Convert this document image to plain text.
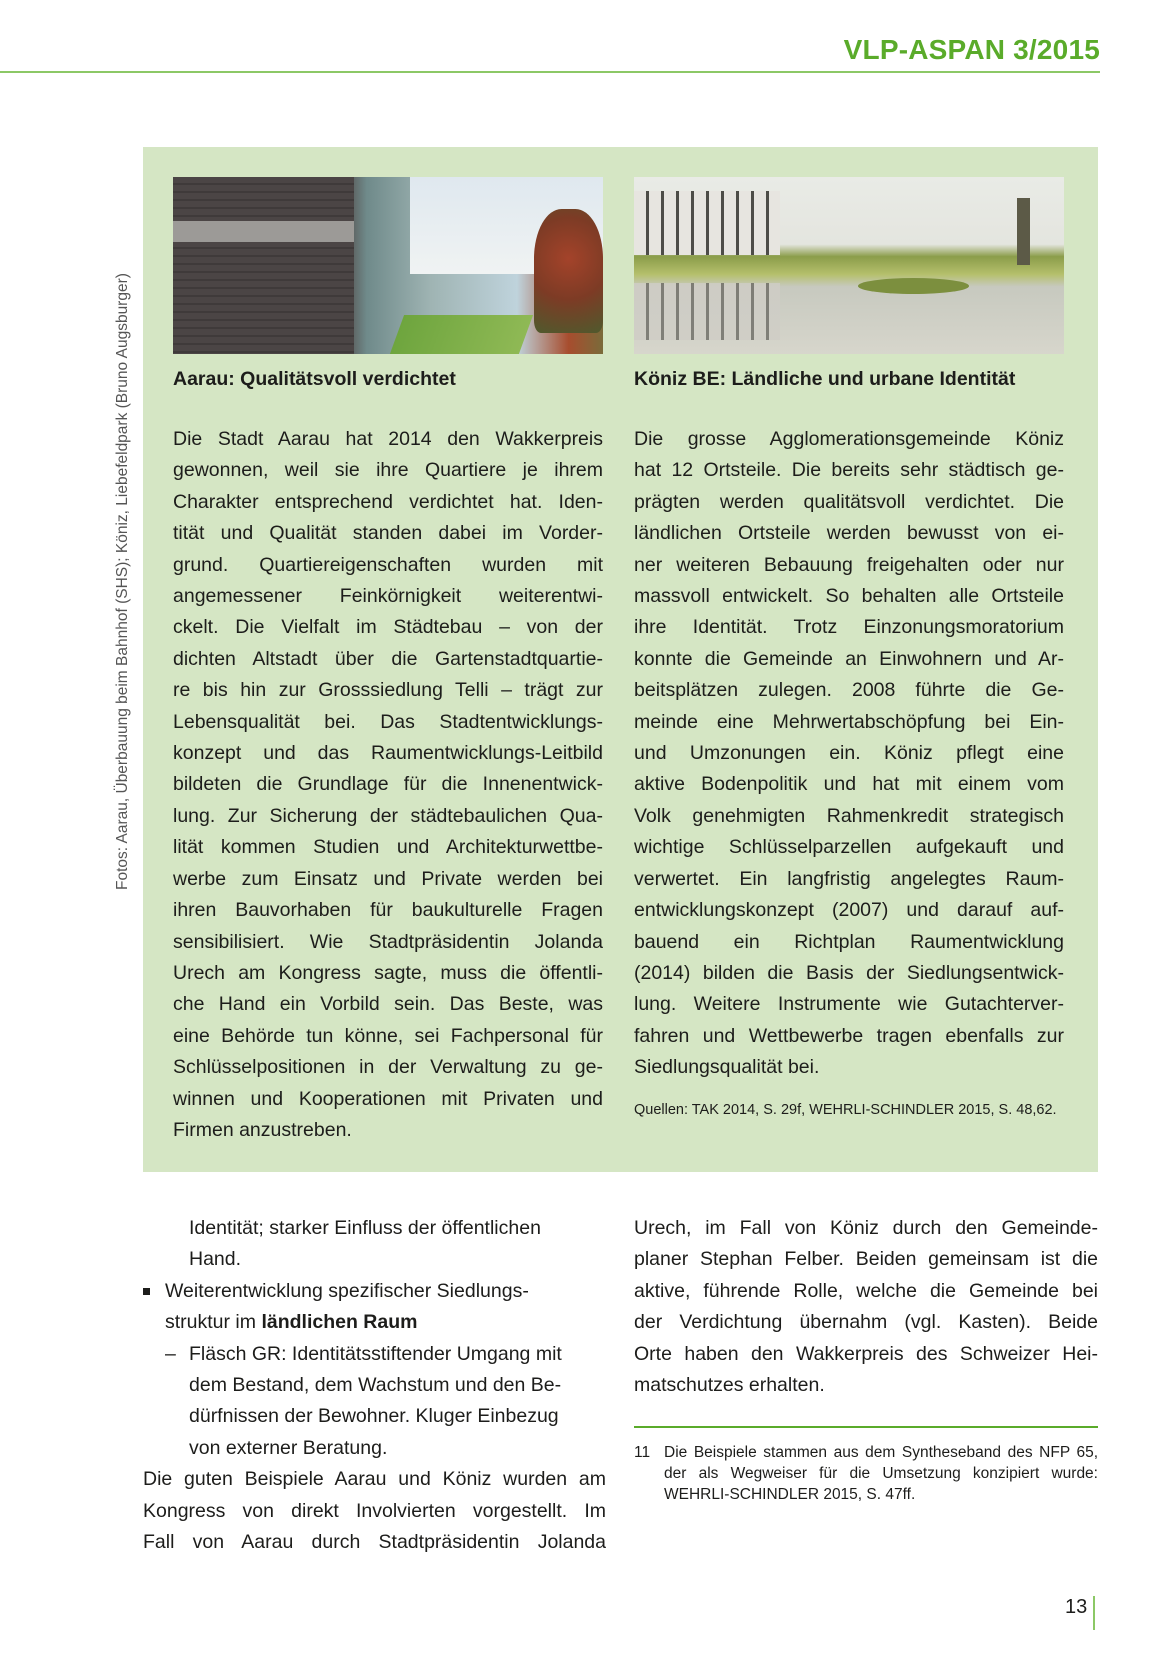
VLP-ASPAN 3/2015
Fotos: Aarau, Überbauung beim Bahnhof (SHS); Köniz, Liebefeldpark (Bruno Augsburger) Aarau: Qualitätsvoll verdichtet
Die Stadt Aarau hat 2014 den Wakkerpreis
gewonnen, weil sie ihre Quartiere je ihrem
Charakter entsprechend verdichtet hat. Iden-
tität und Qualität standen dabei im Vorder-
grund. Quartiereigenschaften wurden mit
angemessener Feinkörnigkeit weiterentwi-
ckelt. Die Vielfalt im Städtebau – von der
dichten Altstadt über die Gartenstadtquartie-
re bis hin zur Grosssiedlung Telli – trägt zur
Lebensqualität bei. Das Stadtentwicklungs-
konzept und das Raumentwicklungs-Leitbild
bildeten die Grundlage für die Innenentwick-
lung. Zur Sicherung der städtebaulichen Qua-
lität kommen Studien und Architekturwettbe-
werbe zum Einsatz und Private werden bei
ihren Bauvorhaben für baukulturelle Fragen
sensibilisiert. Wie Stadtpräsidentin Jolanda
Urech am Kongress sagte, muss die öffentli-
che Hand ein Vorbild sein. Das Beste, was
eine Behörde tun könne, sei Fachpersonal für
Schlüsselpositionen in der Verwaltung zu ge-
winnen und Kooperationen mit Privaten und
Firmen anzustreben.
Köniz BE: Ländliche und urbane Identität
Die grosse Agglomerationsgemeinde Köniz
hat 12 Ortsteile. Die bereits sehr städtisch ge-
prägten werden qualitätsvoll verdichtet. Die
ländlichen Ortsteile werden bewusst von ei-
ner weiteren Bebauung freigehalten oder nur
massvoll entwickelt. So behalten alle Ortsteile
ihre Identität. Trotz Einzonungsmoratorium
konnte die Gemeinde an Einwohnern und Ar-
beitsplätzen zulegen. 2008 führte die Ge-
meinde eine Mehrwertabschöpfung bei Ein-
und Umzonungen ein. Köniz pflegt eine
aktive Bodenpolitik und hat mit einem vom
Volk genehmigten Rahmenkredit strategisch
wichtige Schlüsselparzellen aufgekauft und
verwertet. Ein langfristig angelegtes Raum-
entwicklungskonzept (2007) und darauf auf-
bauend ein Richtplan Raumentwicklung
(2014) bilden die Basis der Siedlungsentwick-
lung. Weitere Instrumente wie Gutachterver-
fahren und Wettbewerbe tragen ebenfalls zur
Siedlungsqualität bei.
Quellen: TAK 2014, S. 29f, WEHRLI-SCHINDLER 2015, S. 48,62.
Identität; starker Einfluss der öffentlichen
Hand.
Weiterentwicklung spezifischer Siedlungs-
struktur im ländlichen Raum
– Fläsch GR: Identitätsstiftender Umgang mit
dem Bestand, dem Wachstum und den Be-
dürfnissen der Bewohner. Kluger Einbezug
von externer Beratung.
Die guten Beispiele Aarau und Köniz wurden am
Kongress von direkt Involvierten vorgestellt. Im
Fall von Aarau durch Stadtpräsidentin Jolanda
Urech, im Fall von Köniz durch den Gemeinde-
planer Stephan Felber. Beiden gemeinsam ist die
aktive, führende Rolle, welche die Gemeinde bei
der Verdichtung übernahm (vgl. Kasten). Beide
Orte haben den Wakkerpreis des Schweizer Hei-
matschutzes erhalten.
11 Die Beispiele stammen aus dem Syntheseband des NFP 65,
der als Wegweiser für die Umsetzung konzipiert wurde:
WEHRLI-SCHINDLER 2015, S. 47ff.
13
